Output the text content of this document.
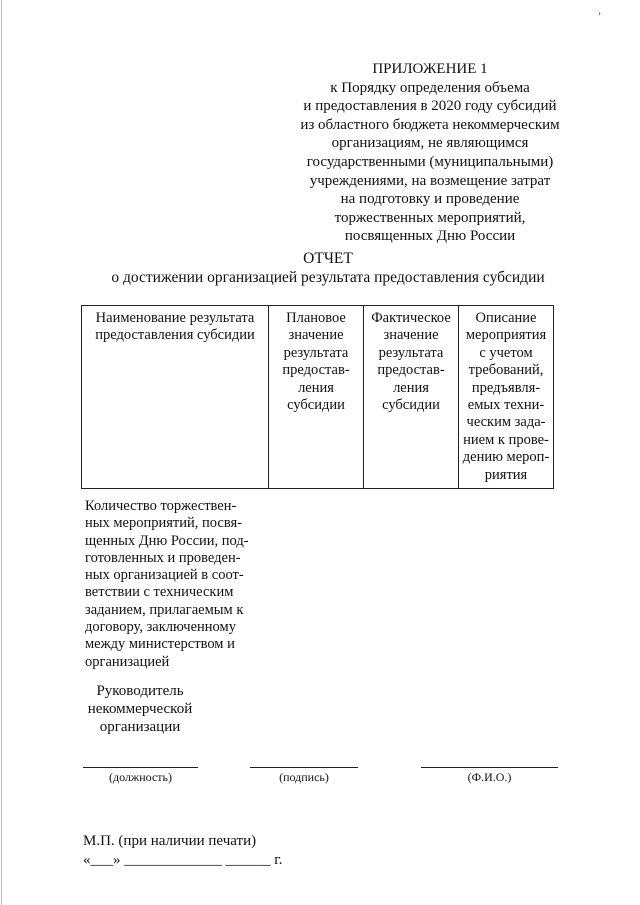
›
ПРИЛОЖЕНИЕ 1
к Порядку определения объема
и предоставления в 2020 году субсидий
из областного бюджета некоммерческим
организациям, не являющимся
государственными (муниципальными)
учреждениями, на возмещение затрат
на подготовку и проведение
торжественных мероприятий,
посвященных Дню России
ОТЧЕТ
о достижении организацией результата предоставления субсидии
Наименование результата предоставления субсидии	Плановое значение результата предостав-ления субсидии	Фактическое значение результата предостав-ления субсидии	Описание мероприятия с учетом требований, предъявля-емых техни-ческим зада-нием к прове-дению мероп-риятия
Количество торжествен-
ных мероприятий, посвя-
щенных Дню России, под-
готовленных и проведен-
ных организацией в соот-
ветствии с техническим
заданием, прилагаемым к
договору, заключенному
между министерством и
организацией
Руководитель
некоммерческой
организации
(должность)	(подпись)	(Ф.И.О.)
М.П. (при наличии печати)
«___» _____________ ______ г.
